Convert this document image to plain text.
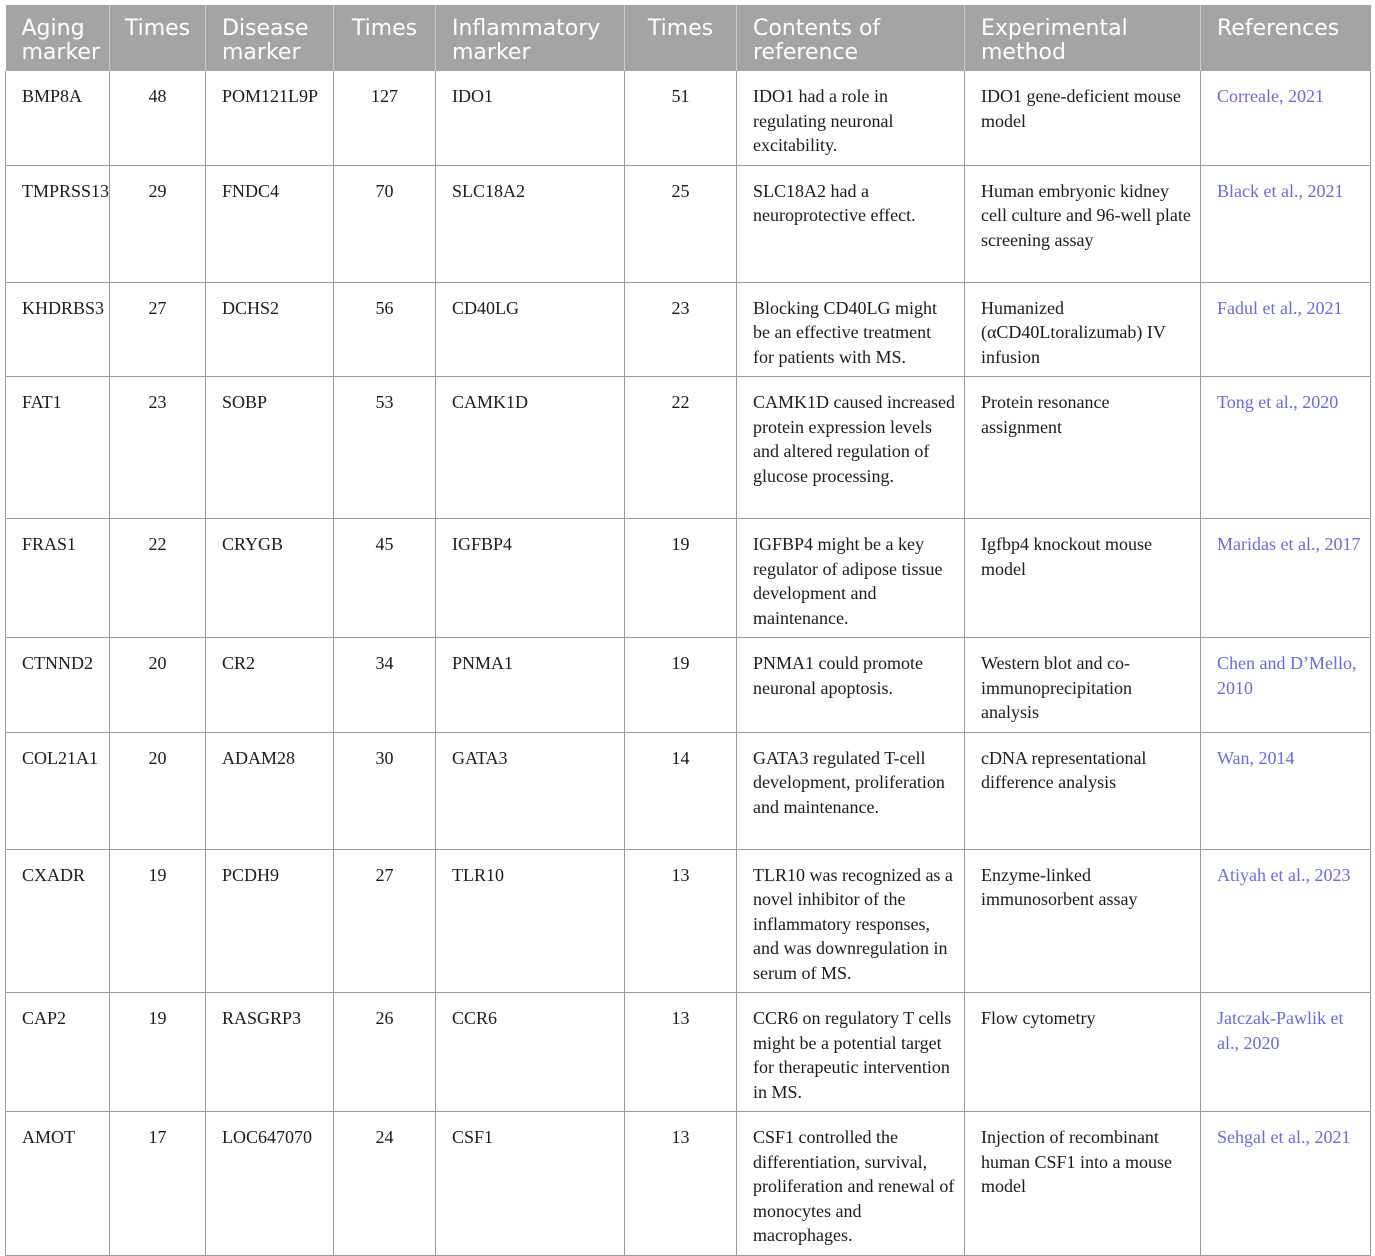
Aging marker	Times	Disease marker	Times	Inflammatory marker	Times	Contents of reference	Experimental method	References
BMP8A	48	POM121L9P	127	IDO1	51	IDO1 had a role in regulating neuronal excitability.	IDO1 gene-deficient mouse model	Correale, 2021
TMPRSS13	29	FNDC4	70	SLC18A2	25	SLC18A2 had a neuroprotective effect.	Human embryonic kidney cell culture and 96-well plate screening assay	Black et al., 2021
KHDRBS3	27	DCHS2	56	CD40LG	23	Blocking CD40LG might be an effective treatment for patients with MS.	Humanized (αCD40Ltoralizumab) IV infusion	Fadul et al., 2021
FAT1	23	SOBP	53	CAMK1D	22	CAMK1D caused increased protein expression levels and altered regulation of glucose processing.	Protein resonance assignment	Tong et al., 2020
FRAS1	22	CRYGB	45	IGFBP4	19	IGFBP4 might be a key regulator of adipose tissue development and maintenance.	Igfbp4 knockout mouse model	Maridas et al., 2017
CTNND2	20	CR2	34	PNMA1	19	PNMA1 could promote neuronal apoptosis.	Western blot and co-immunoprecipitation analysis	Chen and D’Mello, 2010
COL21A1	20	ADAM28	30	GATA3	14	GATA3 regulated T-cell development, proliferation and maintenance.	cDNA representational difference analysis	Wan, 2014
CXADR	19	PCDH9	27	TLR10	13	TLR10 was recognized as a novel inhibitor of the inflammatory responses, and was downregulation in serum of MS.	Enzyme-linked immunosorbent assay	Atiyah et al., 2023
CAP2	19	RASGRP3	26	CCR6	13	CCR6 on regulatory T cells might be a potential target for therapeutic intervention in MS.	Flow cytometry	Jatczak-Pawlik et al., 2020
AMOT	17	LOC647070	24	CSF1	13	CSF1 controlled the differentiation, survival, proliferation and renewal of monocytes and macrophages.	Injection of recombinant human CSF1 into a mouse model	Sehgal et al., 2021
